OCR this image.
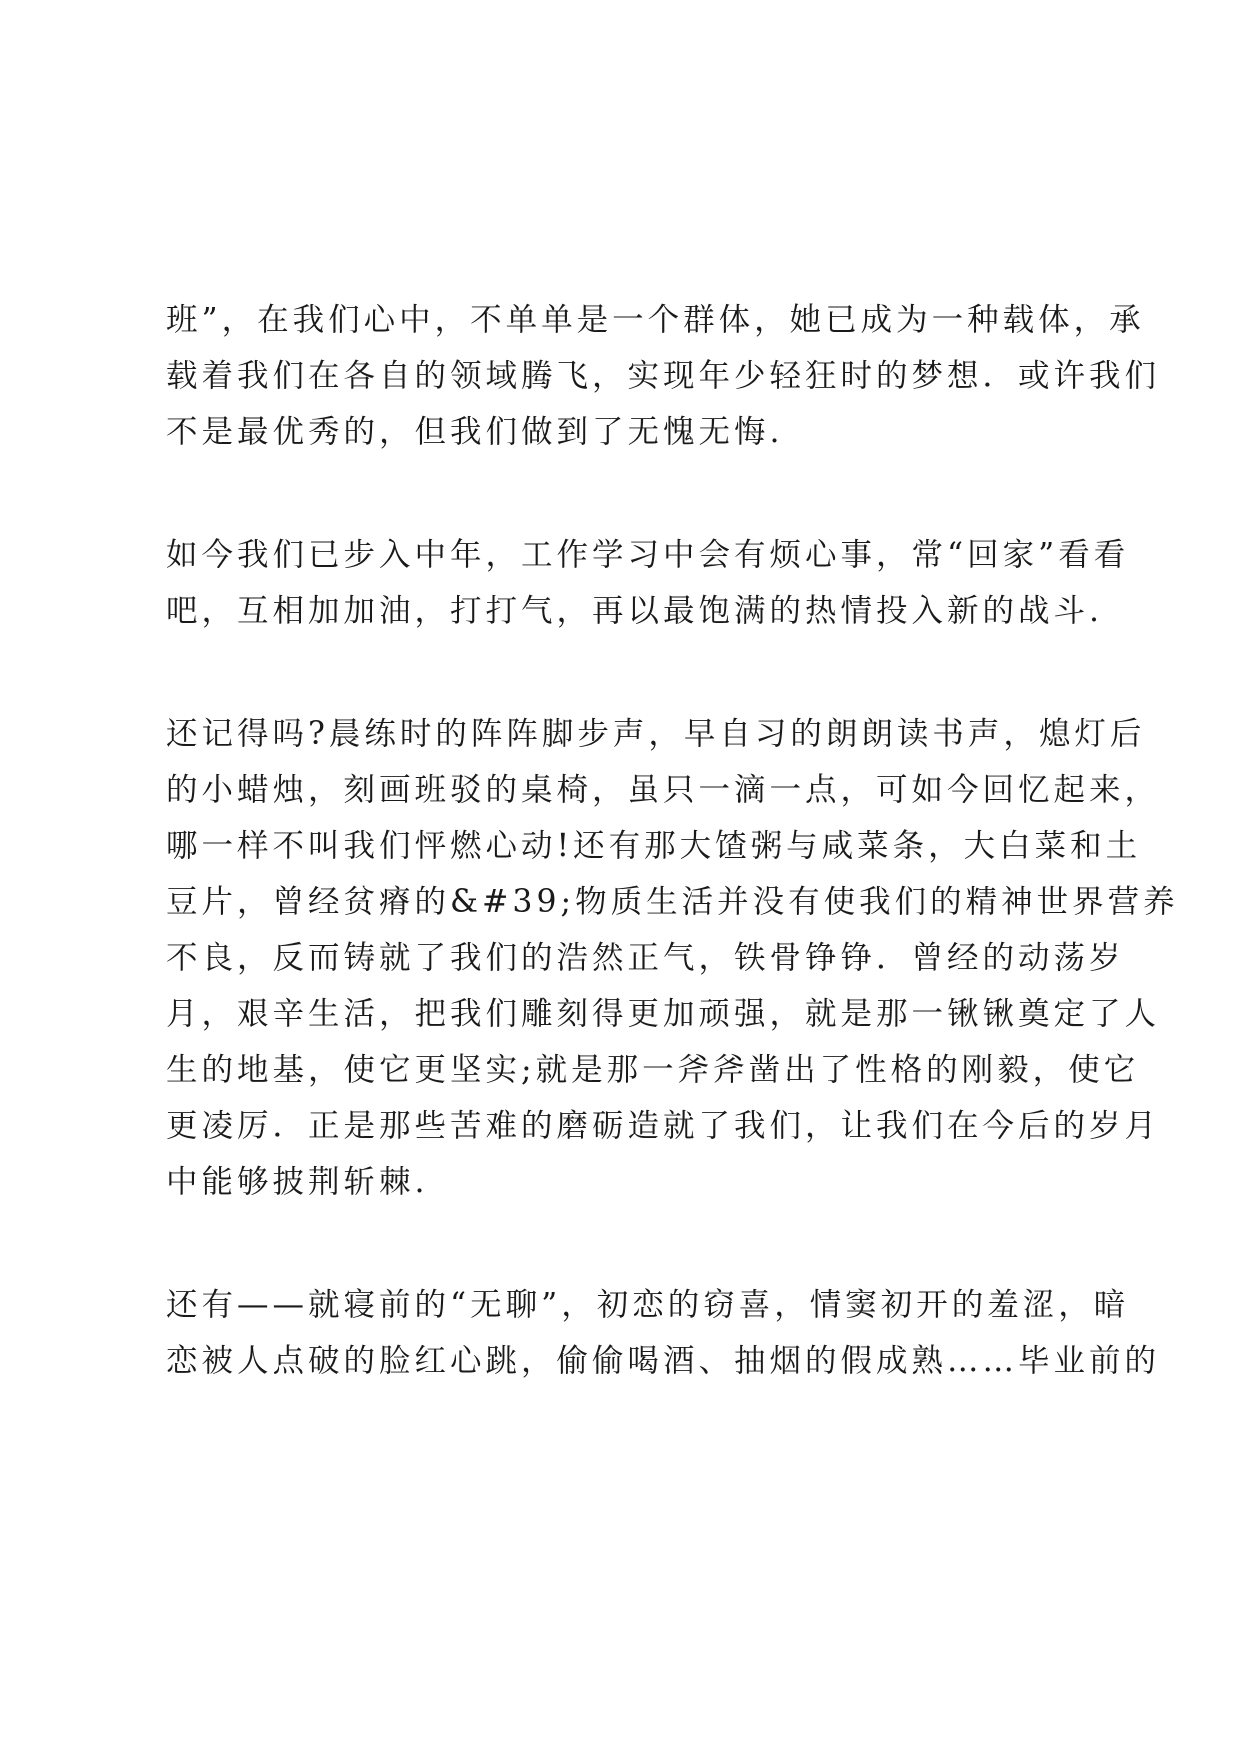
班”，在我们心中，不单单是一个群体，她已成为一种载体，承
载着我们在各自的领域腾飞，实现年少轻狂时的梦想．或许我们
不是最优秀的，但我们做到了无愧无悔.

如今我们已步入中年，工作学习中会有烦心事，常“回家”看看
吧，互相加加油，打打气，再以最饱满的热情投入新的战斗.

还记得吗?晨练时的阵阵脚步声，早自习的朗朗读书声，熄灯后
的小蜡烛，刻画班驳的桌椅，虽只一滴一点，可如今回忆起来，
哪一样不叫我们怦燃心动!还有那大馇粥与咸菜条，大白菜和土
豆片，曾经贫瘠的&#39;物质生活并没有使我们的精神世界营养
不良，反而铸就了我们的浩然正气，铁骨铮铮．曾经的动荡岁
月，艰辛生活，把我们雕刻得更加顽强，就是那一锹锹奠定了人
生的地基，使它更坚实;就是那一斧斧凿出了性格的刚毅，使它
更凌厉．正是那些苦难的磨砺造就了我们，让我们在今后的岁月
中能够披荆斩棘.

还有——就寝前的“无聊”，初恋的窃喜，情窦初开的羞涩，暗
恋被人点破的脸红心跳，偷偷喝酒、抽烟的假成熟……毕业前的
